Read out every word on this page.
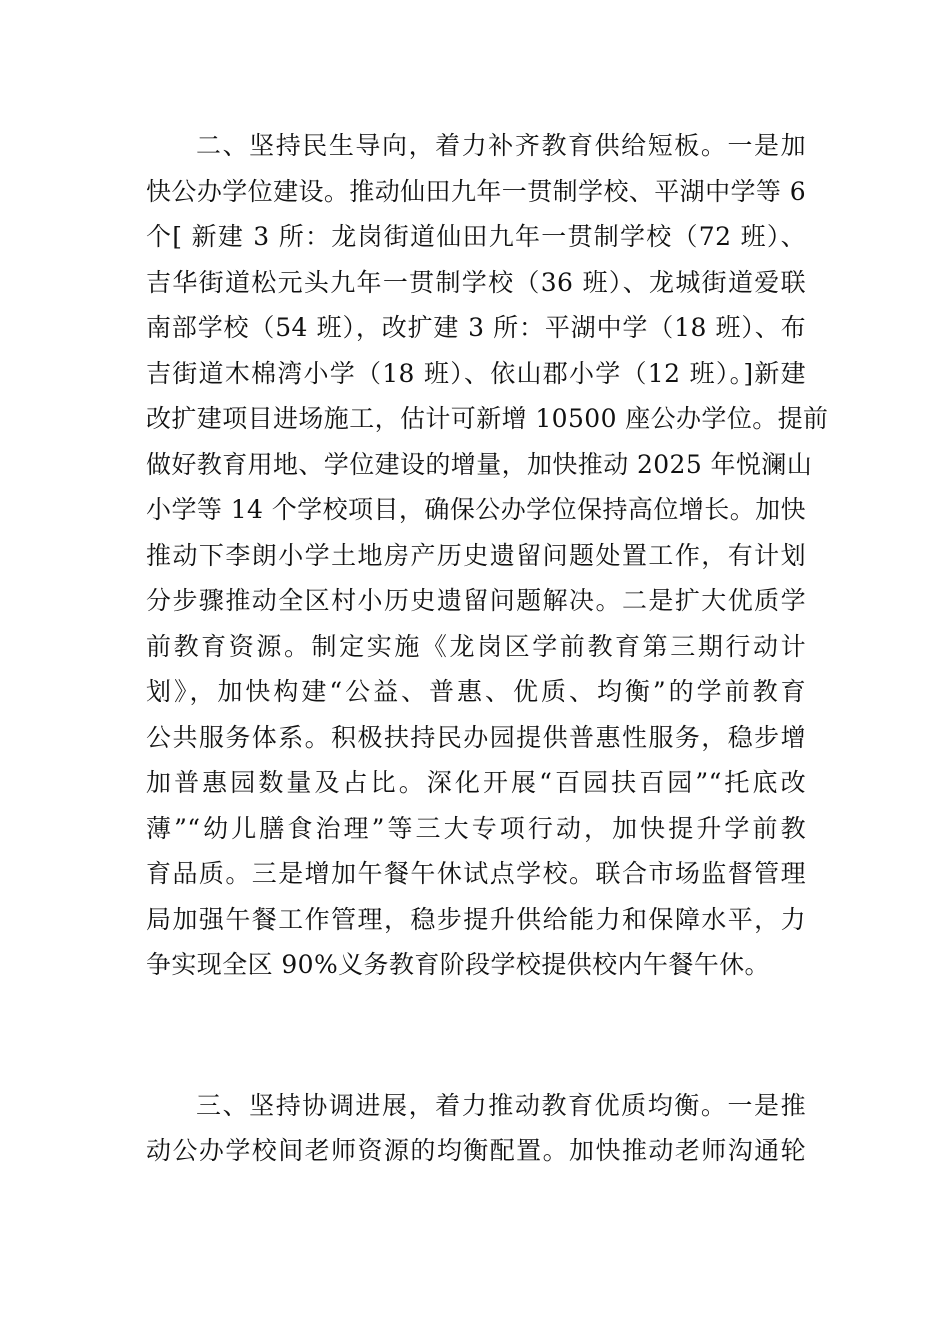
二、坚持民生导向，着力补齐教育供给短板。一是加
快公办学位建设。推动仙田九年一贯制学校、平湖中学等 6
个[ 新建 3 所：龙岗街道仙田九年一贯制学校（72 班）、
吉华街道松元头九年一贯制学校（36 班）、龙城街道爱联
南部学校（54 班），改扩建 3 所：平湖中学（18 班）、布
吉街道木棉湾小学（18 班）、依山郡小学（12 班）。]新建
改扩建项目进场施工，估计可新增 10500 座公办学位。提前
做好教育用地、学位建设的增量，加快推动 2025 年悦澜山
小学等 14 个学校项目，确保公办学位保持高位增长。加快
推动下李朗小学土地房产历史遗留问题处置工作，有计划
分步骤推动全区村小历史遗留问题解决。二是扩大优质学
前教育资源。制定实施《龙岗区学前教育第三期行动计
划》，加快构建“公益、普惠、优质、均衡”的学前教育
公共服务体系。积极扶持民办园提供普惠性服务，稳步增
加普惠园数量及占比。深化开展“百园扶百园”“托底改
薄”“幼儿膳食治理”等三大专项行动，加快提升学前教
育品质。三是增加午餐午休试点学校。联合市场监督管理
局加强午餐工作管理，稳步提升供给能力和保障水平，力
争实现全区 90%义务教育阶段学校提供校内午餐午休。
三、坚持协调进展，着力推动教育优质均衡。一是推
动公办学校间老师资源的均衡配置。加快推动老师沟通轮
